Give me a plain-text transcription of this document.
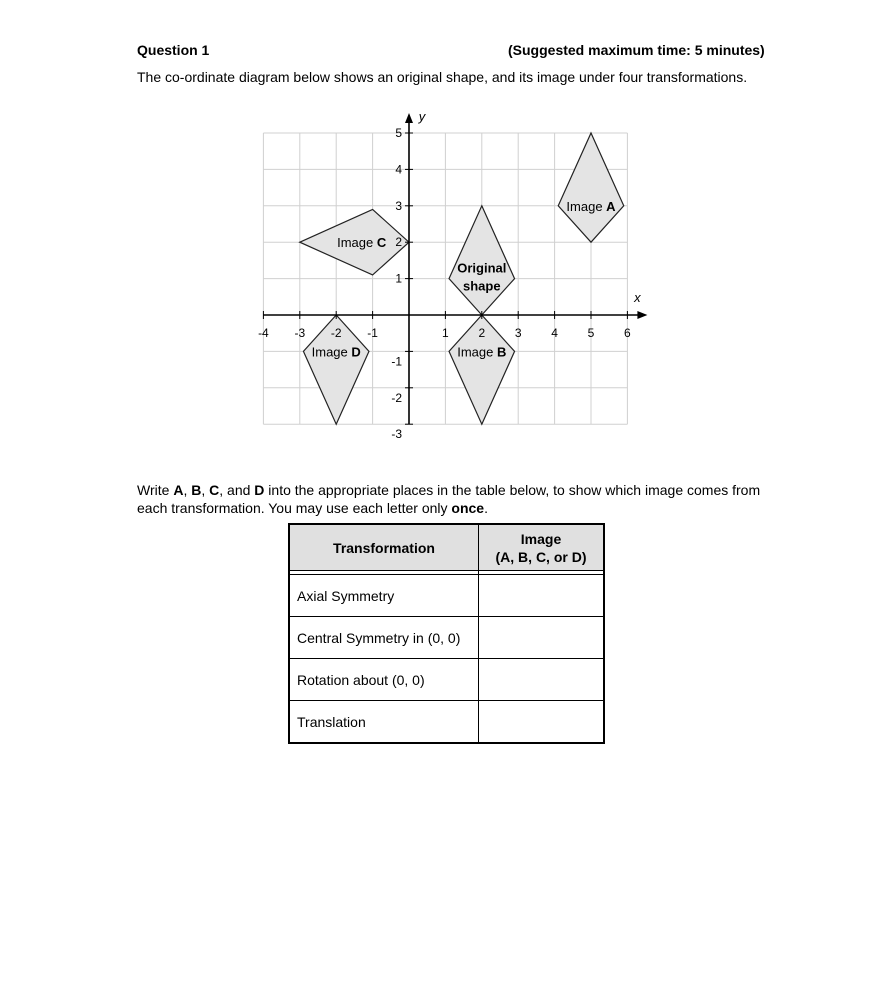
Question 1	(Suggested maximum time: 5 minutes)
The co-ordinate diagram below shows an original shape, and its image under four transformations.
-4 -3 -2 -1	1 2 3 4 5 6
-3
-2
-1
1
2
3
4
5
x
y
Original
shape
Image A
Image B
Image C
Image D
Write A, B, C, and D into the appropriate places in the table below, to show which image comes from each transformation. You may use each letter only once.
Transformation	Image
(A, B, C, or D)

Axial Symmetry	
Central Symmetry in (0, 0)	
Rotation about (0, 0)	
Translation	
